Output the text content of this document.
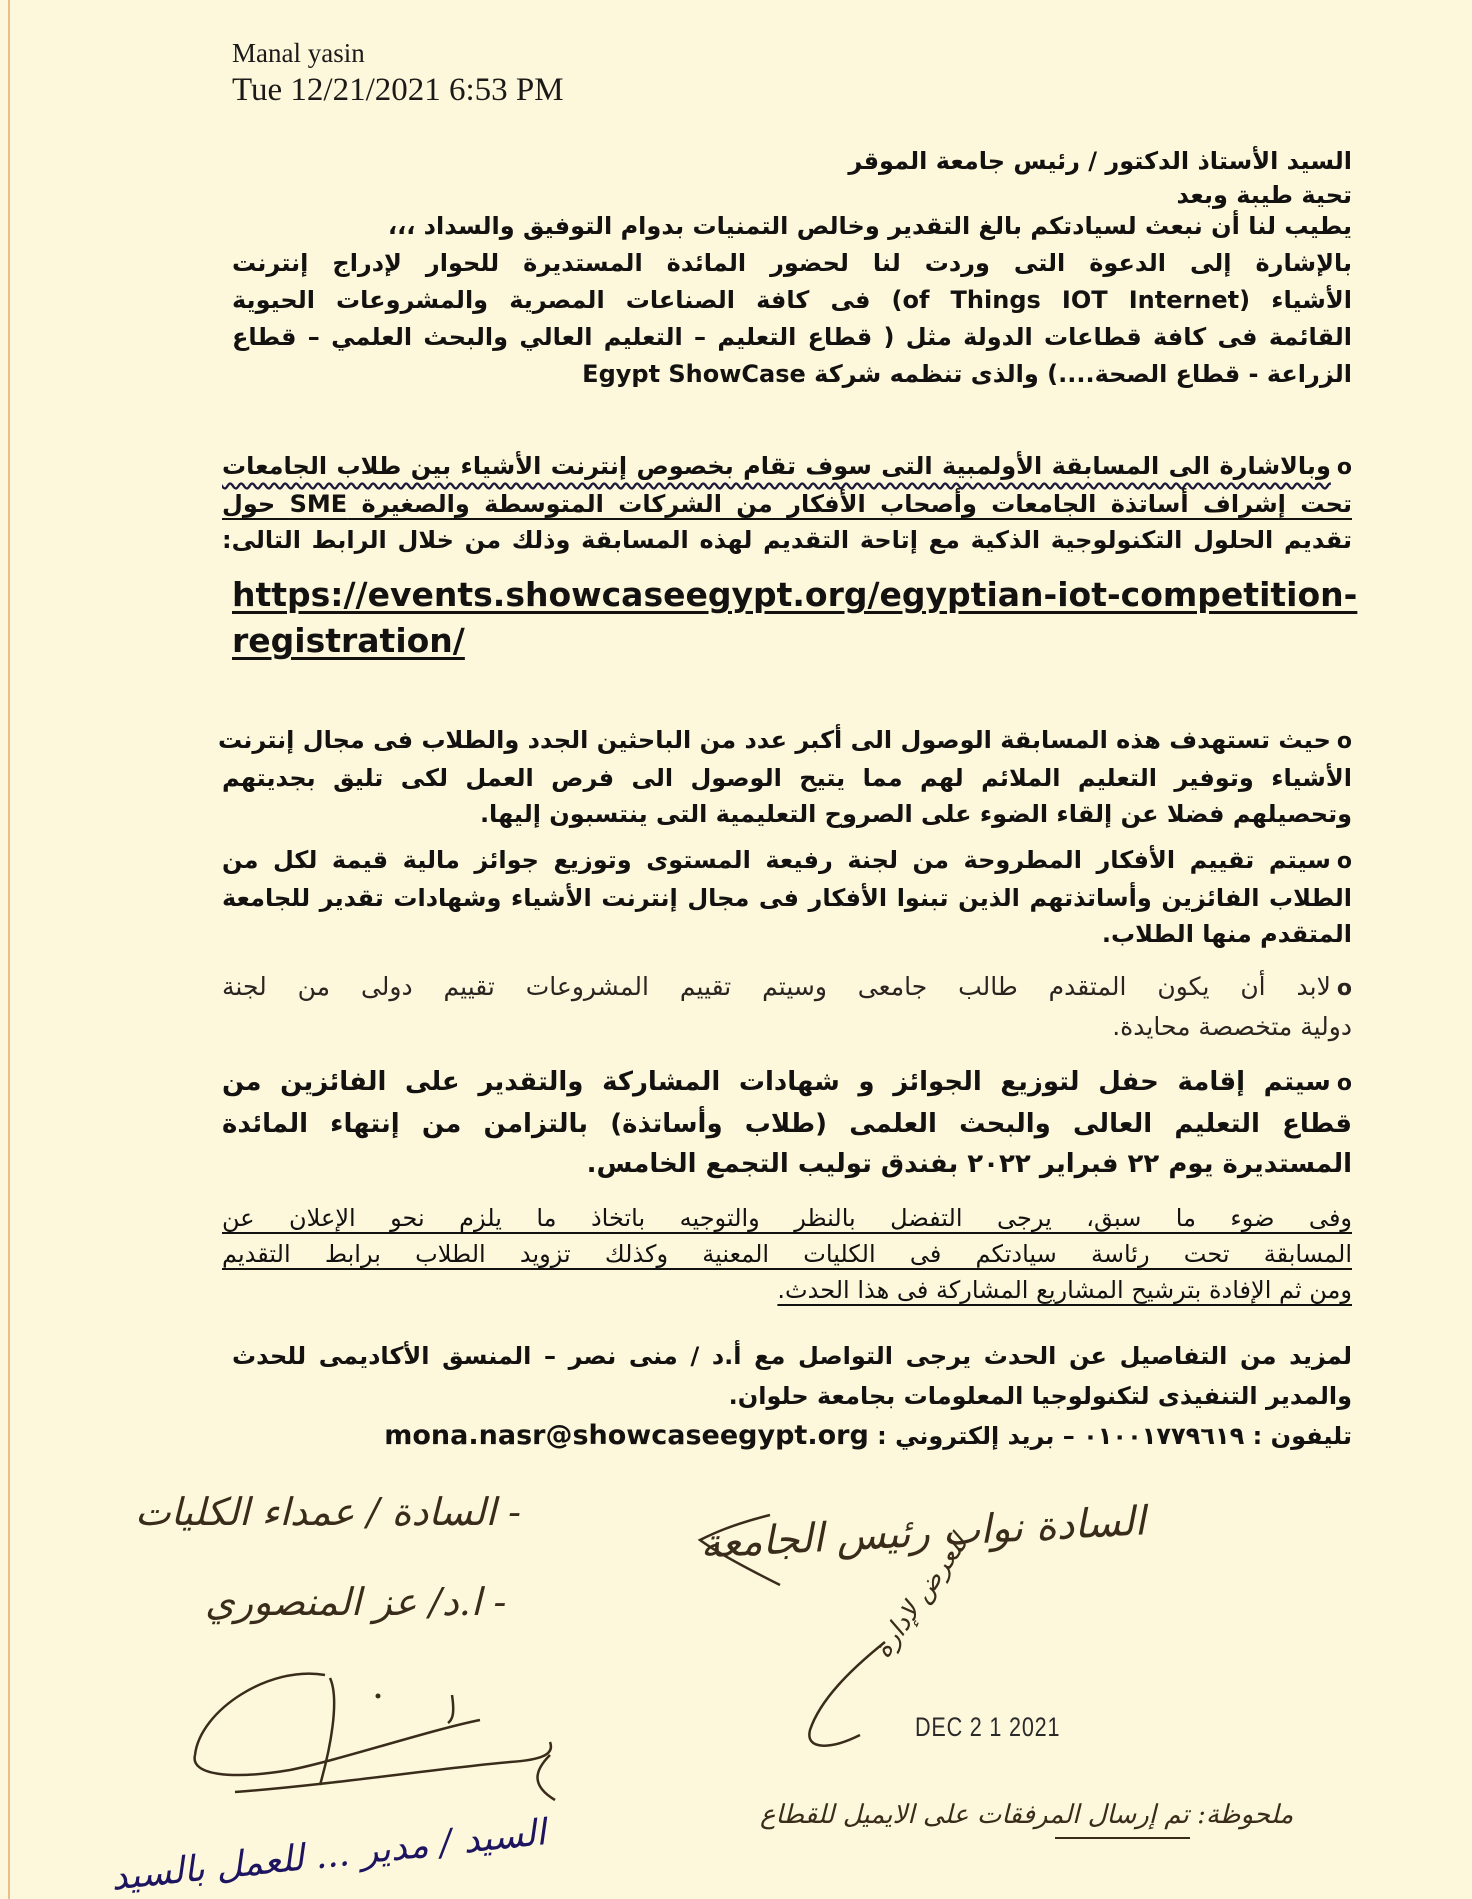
Manal yasin
Tue 12/21/2021 6:53 PM
السيد الأستاذ الدكتور / رئيس جامعة الموقر
تحية طيبة وبعد
يطيب لنا أن نبعث لسيادتكم بالغ التقدير وخالص التمنيات بدوام التوفيق والسداد ،،،
بالإشارة إلى الدعوة التى وردت لنا لحضور المائدة المستديرة للحوار لإدراج إنترنت
الأشياء (of Things IOT Internet) فى كافة الصناعات المصرية والمشروعات الحيوية
القائمة فى كافة قطاعات الدولة مثل ( قطاع التعليم – التعليم العالي والبحث العلمي – قطاع
الزراعة - قطاع الصحة....) والذى تنظمه شركة Egypt ShowCase
oوبالاشارة الى المسابقة الأولمبية التى سوف تقام بخصوص إنترنت الأشياء بين طلاب الجامعات
تحت إشراف أساتذة الجامعات وأصحاب الأفكار من الشركات المتوسطة والصغيرة SME حول
تقديم الحلول التكنولوجية الذكية مع إتاحة التقديم لهذه المسابقة وذلك من خلال الرابط التالى:
https://events.showcaseegypt.org/egyptian-iot-competition-
registration/
oحيث تستهدف هذه المسابقة الوصول الى أكبر عدد من الباحثين الجدد والطلاب فى مجال إنترنت
الأشياء وتوفير التعليم الملائم لهم مما يتيح الوصول الى فرص العمل لكى تليق بجديتهم
وتحصيلهم فضلا عن إلقاء الضوء على الصروح التعليمية التى ينتسبون إليها.
oسيتم تقييم الأفكار المطروحة من لجنة رفيعة المستوى وتوزيع جوائز مالية قيمة لكل من
الطلاب الفائزين وأساتذتهم الذين تبنوا الأفكار فى مجال إنترنت الأشياء وشهادات تقدير للجامعة
المتقدم منها الطلاب.
oلابد أن يكون المتقدم طالب جامعى وسيتم تقييم المشروعات تقييم دولى من لجنة
دولية متخصصة محايدة.
oسيتم إقامة حفل لتوزيع الجوائز و شهادات المشاركة والتقدير على الفائزين من
قطاع التعليم العالى والبحث العلمى (طلاب وأساتذة) بالتزامن من إنتهاء المائدة
المستديرة يوم ٢٢ فبراير ٢٠٢٢ بفندق توليب التجمع الخامس.
وفى ضوء ما سبق، يرجى التفضل بالنظر والتوجيه باتخاذ ما يلزم نحو الإعلان عن
المسابقة تحت رئاسة سيادتكم فى الكليات المعنية وكذلك تزويد الطلاب برابط التقديم
ومن ثم الإفادة بترشيح المشاريع المشاركة فى هذا الحدث.
لمزيد من التفاصيل عن الحدث يرجى التواصل مع أ.د / منى نصر – المنسق الأكاديمى للحدث
والمدير التنفيذى لتكنولوجيا المعلومات بجامعة حلوان.
تليفون : ٠١٠٠١٧٧٩٦١٩ – بريد إلكتروني : mona.nasr@showcaseegypt.org
- السادة / عمداء الكليات
- ا.د/ عز المنصوري
السادة نواب رئيس الجامعة
للعرض لإدارة
DEC 2 1 2021
ملحوظة: تم إرسال المرفقات على الايميل للقطاع
السيد / مدير ... للعمل بالسيد
